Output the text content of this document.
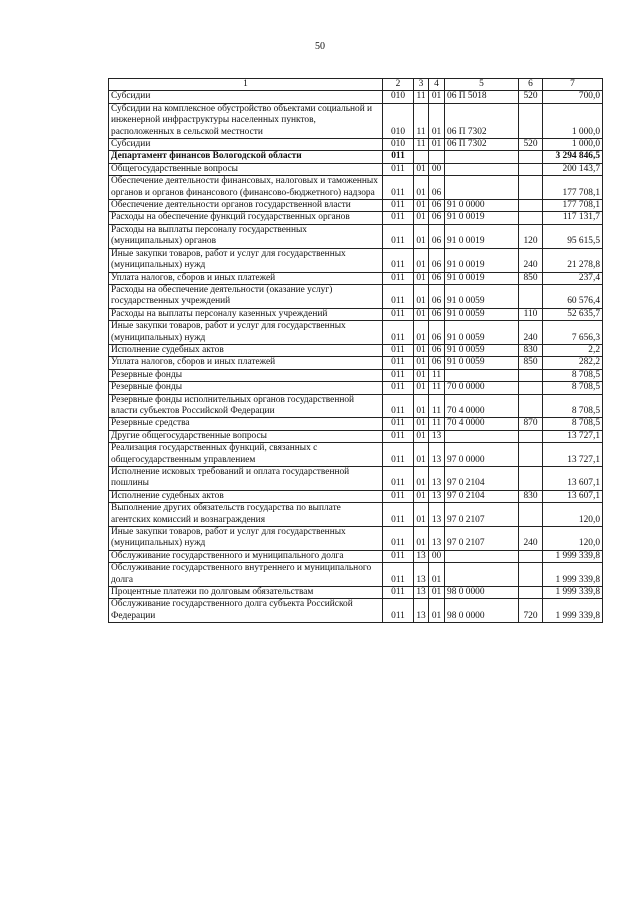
50
1	2	3	4	5	6	7
Субсидии	010	11	01	06 П 5018	520	700,0
Субсидии на комплексное обустройство объектами социальной и инженерной инфраструктуры населенных пунктов, расположенных в сельской местности	010	11	01	06 П 7302		1 000,0
Субсидии	010	11	01	06 П 7302	520	1 000,0
Департамент финансов Вологодской области	011					3 294 846,5
Общегосударственные вопросы	011	01	00			200 143,7
Обеспечение деятельности финансовых, налоговых и таможенных органов и органов финансового (финансово-бюджетного) надзора	011	01	06			177 708,1
Обеспечение деятельности органов государственной власти	011	01	06	91 0 0000		177 708,1
Расходы на обеспечение функций государственных органов	011	01	06	91 0 0019		117 131,7
Расходы на выплаты персоналу государственных (муниципальных) органов	011	01	06	91 0 0019	120	95 615,5
Иные закупки товаров, работ и услуг для государственных (муниципальных) нужд	011	01	06	91 0 0019	240	21 278,8
Уплата налогов, сборов и иных платежей	011	01	06	91 0 0019	850	237,4
Расходы на обеспечение деятельности (оказание услуг) государственных учреждений	011	01	06	91 0 0059		60 576,4
Расходы на выплаты персоналу казенных учреждений	011	01	06	91 0 0059	110	52 635,7
Иные закупки товаров, работ и услуг для государственных (муниципальных) нужд	011	01	06	91 0 0059	240	7 656,3
Исполнение судебных актов	011	01	06	91 0 0059	830	2,2
Уплата налогов, сборов и иных платежей	011	01	06	91 0 0059	850	282,2
Резервные фонды	011	01	11			8 708,5
Резервные фонды	011	01	11	70 0 0000		8 708,5
Резервные фонды исполнительных органов государственной власти субъектов Российской Федерации	011	01	11	70 4 0000		8 708,5
Резервные средства	011	01	11	70 4 0000	870	8 708,5
Другие общегосударственные вопросы	011	01	13			13 727,1
Реализация государственных функций, связанных с общегосударственным управлением	011	01	13	97 0 0000		13 727,1
Исполнение исковых требований и оплата государственной пошлины	011	01	13	97 0 2104		13 607,1
Исполнение судебных актов	011	01	13	97 0 2104	830	13 607,1
Выполнение других обязательств государства по выплате агентских комиссий и вознаграждения	011	01	13	97 0 2107		120,0
Иные закупки товаров, работ и услуг для государственных (муниципальных) нужд	011	01	13	97 0 2107	240	120,0
Обслуживание государственного и муниципального долга	011	13	00			1 999 339,8
Обслуживание государственного внутреннего и муниципального долга	011	13	01			1 999 339,8
Процентные платежи по долговым обязательствам	011	13	01	98 0 0000		1 999 339,8
Обслуживание государственного долга субъекта Российской Федерации	011	13	01	98 0 0000	720	1 999 339,8
